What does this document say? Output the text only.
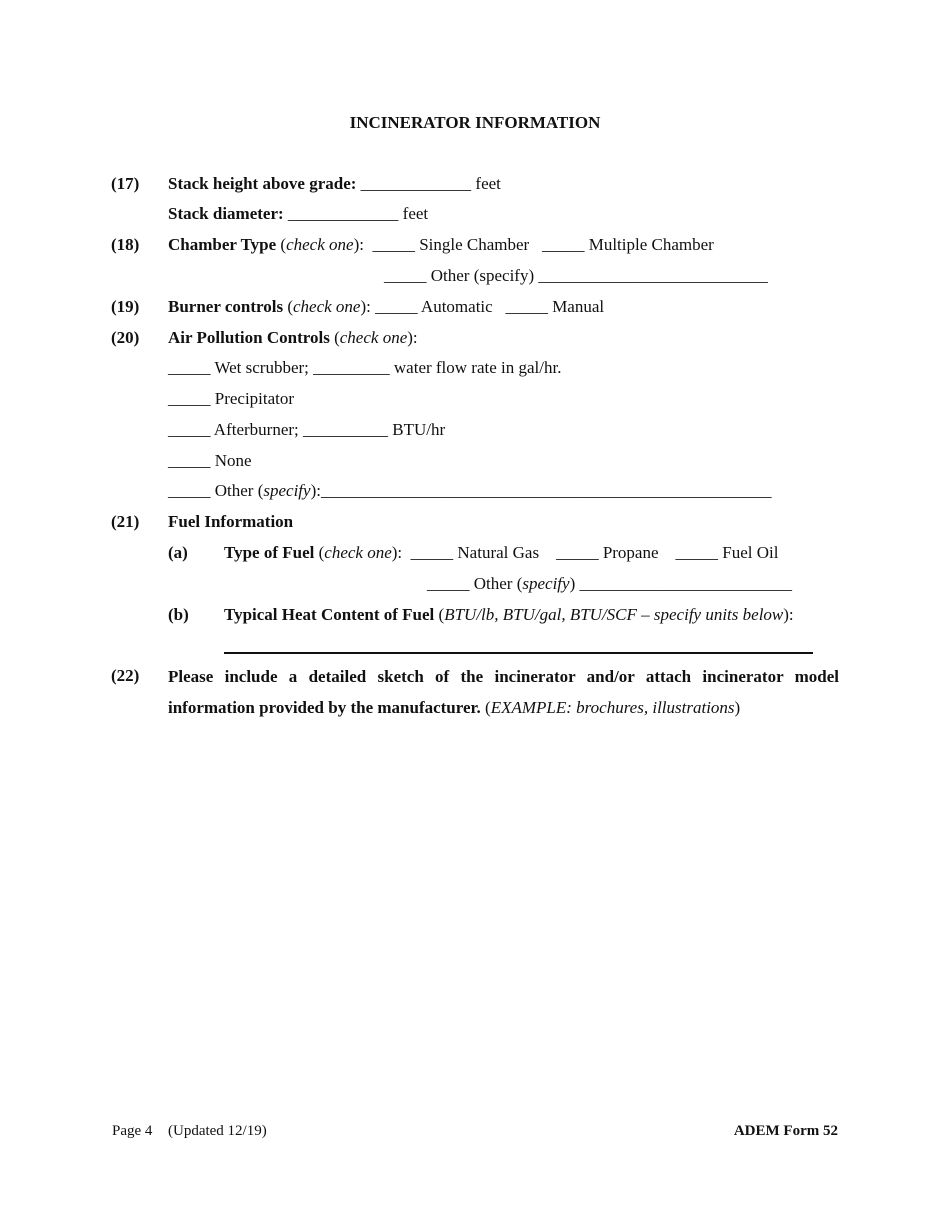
INCINERATOR INFORMATION
(17) Stack height above grade: _____________ feet
Stack diameter: _____________ feet
(18) Chamber Type (check one):  _____ Single Chamber   _____ Multiple Chamber
_____ Other (specify) ___________________________
(19) Burner controls (check one): _____ Automatic   _____ Manual
(20) Air Pollution Controls (check one):
_____ Wet scrubber; _________ water flow rate in gal/hr.
_____ Precipitator
_____ Afterburner; __________ BTU/hr
_____ None
_____ Other (specify):_____________________________________________________
(21) Fuel Information
(a) Type of Fuel (check one):  _____ Natural Gas    _____ Propane    _____ Fuel Oil
_____ Other (specify) _________________________
(b) Typical Heat Content of Fuel (BTU/lb, BTU/gal, BTU/SCF – specify units below):
(22) Please include a detailed sketch of the incinerator and/or attach incinerator model information provided by the manufacturer. (EXAMPLE: brochures, illustrations)
Page 4 (Updated 12/19)	ADEM Form 52
